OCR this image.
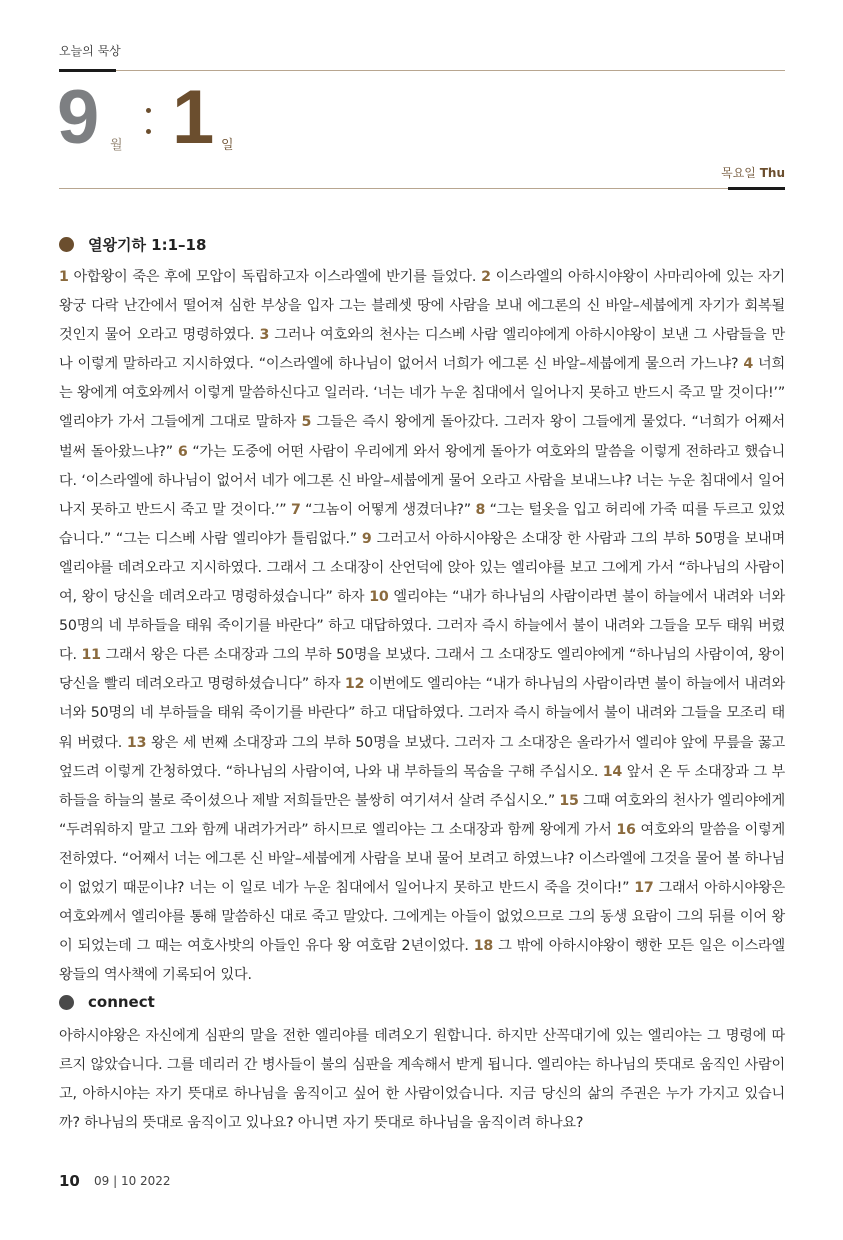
오늘의 묵상
9 월 1 일
목요일 Thu
열왕기하 1:1–18
1 아합왕이 죽은 후에 모압이 독립하고자 이스라엘에 반기를 들었다. 2 이스라엘의 아하시야왕이 사마리아에 있는 자기 왕궁 다락 난간에서 떨어져 심한 부상을 입자 그는 블레셋 땅에 사람을 보내 에그론의 신 바알–세붑에게 자기가 회복될 것인지 물어 오라고 명령하였다. 3 그러나 여호와의 천사는 디스베 사람 엘리야에게 아하시야왕이 보낸 그 사람들을 만나 이렇게 말하라고 지시하였다. “이스라엘에 하나님이 없어서 너희가 에그론 신 바알–세붑에게 물으러 가느냐? 4 너희는 왕에게 여호와께서 이렇게 말씀하신다고 일러라. ‘너는 네가 누운 침대에서 일어나지 못하고 반드시 죽고 말 것이다!’” 엘리야가 가서 그들에게 그대로 말하자 5 그들은 즉시 왕에게 돌아갔다. 그러자 왕이 그들에게 물었다. “너희가 어째서 벌써 돌아왔느냐?” 6 “가는 도중에 어떤 사람이 우리에게 와서 왕에게 돌아가 여호와의 말씀을 이렇게 전하라고 했습니다. ‘이스라엘에 하나님이 없어서 네가 에그론 신 바알–세붑에게 물어 오라고 사람을 보내느냐? 너는 누운 침대에서 일어나지 못하고 반드시 죽고 말 것이다.’” 7 “그놈이 어떻게 생겼더냐?” 8 “그는 털옷을 입고 허리에 가죽 띠를 두르고 있었습니다.” “그는 디스베 사람 엘리야가 틀림없다.” 9 그러고서 아하시야왕은 소대장 한 사람과 그의 부하 50명을 보내며 엘리야를 데려오라고 지시하였다. 그래서 그 소대장이 산언덕에 앉아 있는 엘리야를 보고 그에게 가서 “하나님의 사람이여, 왕이 당신을 데려오라고 명령하셨습니다” 하자 10 엘리야는 “내가 하나님의 사람이라면 불이 하늘에서 내려와 너와 50명의 네 부하들을 태워 죽이기를 바란다” 하고 대답하였다. 그러자 즉시 하늘에서 불이 내려와 그들을 모두 태워 버렸다. 11 그래서 왕은 다른 소대장과 그의 부하 50명을 보냈다. 그래서 그 소대장도 엘리야에게 “하나님의 사람이여, 왕이 당신을 빨리 데려오라고 명령하셨습니다” 하자 12 이번에도 엘리야는 “내가 하나님의 사람이라면 불이 하늘에서 내려와 너와 50명의 네 부하들을 태워 죽이기를 바란다” 하고 대답하였다. 그러자 즉시 하늘에서 불이 내려와 그들을 모조리 태워 버렸다. 13 왕은 세 번째 소대장과 그의 부하 50명을 보냈다. 그러자 그 소대장은 올라가서 엘리야 앞에 무릎을 꿇고 엎드려 이렇게 간청하였다. “하나님의 사람이여, 나와 내 부하들의 목숨을 구해 주십시오. 14 앞서 온 두 소대장과 그 부하들을 하늘의 불로 죽이셨으나 제발 저희들만은 불쌍히 여기셔서 살려 주십시오.” 15 그때 여호와의 천사가 엘리야에게 “두려워하지 말고 그와 함께 내려가거라” 하시므로 엘리야는 그 소대장과 함께 왕에게 가서 16 여호와의 말씀을 이렇게 전하였다. “어째서 너는 에그론 신 바알–세붑에게 사람을 보내 물어 보려고 하였느냐? 이스라엘에 그것을 물어 볼 하나님이 없었기 때문이냐? 너는 이 일로 네가 누운 침대에서 일어나지 못하고 반드시 죽을 것이다!” 17 그래서 아하시야왕은 여호와께서 엘리야를 통해 말씀하신 대로 죽고 말았다. 그에게는 아들이 없었으므로 그의 동생 요람이 그의 뒤를 이어 왕이 되었는데 그 때는 여호사밧의 아들인 유다 왕 여호람 2년이었다. 18 그 밖에 아하시야왕이 행한 모든 일은 이스라엘 왕들의 역사책에 기록되어 있다.
connect
아하시야왕은 자신에게 심판의 말을 전한 엘리야를 데려오기 원합니다. 하지만 산꼭대기에 있는 엘리야는 그 명령에 따르지 않았습니다. 그를 데리러 간 병사들이 불의 심판을 계속해서 받게 됩니다. 엘리야는 하나님의 뜻대로 움직인 사람이고, 아하시야는 자기 뜻대로 하나님을 움직이고 싶어 한 사람이었습니다. 지금 당신의 삶의 주권은 누가 가지고 있습니까? 하나님의 뜻대로 움직이고 있나요? 아니면 자기 뜻대로 하나님을 움직이려 하나요?
10 09 | 10 2022
